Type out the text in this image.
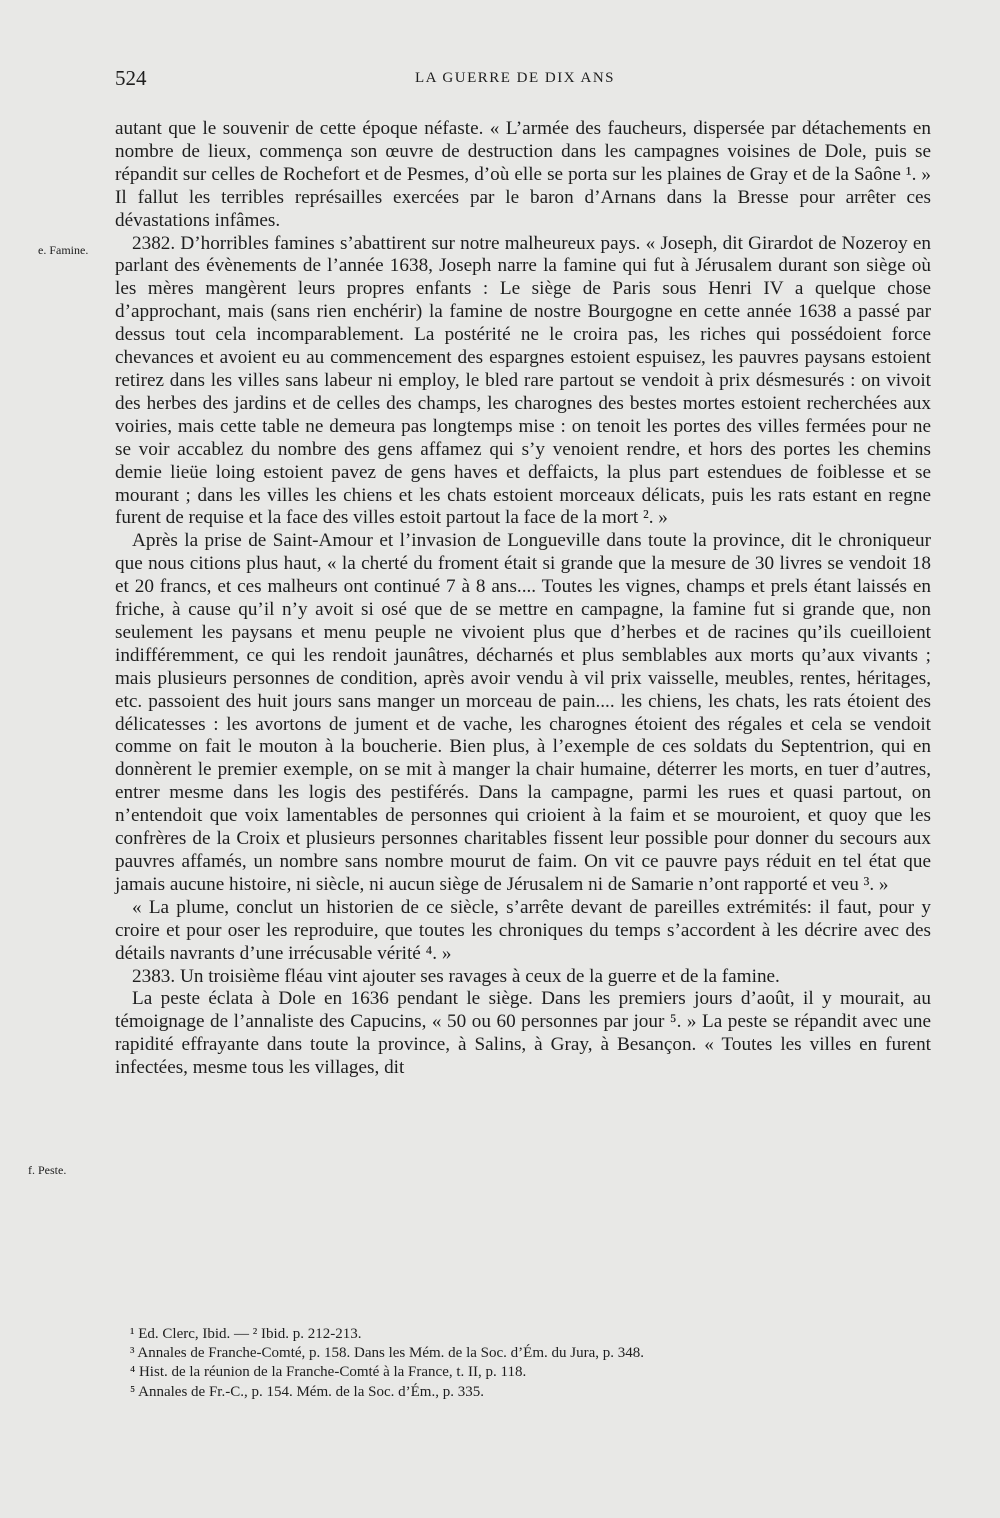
524	LA GUERRE DE DIX ANS
e. Famine.
f. Peste.

autant que le souvenir de cette époque néfaste. « L’armée des faucheurs, dispersée par détachements en nombre de lieux, commença son œuvre de destruction dans les campagnes voisines de Dole, puis se répandit sur celles de Rochefort et de Pesmes, d’où elle se porta sur les plaines de Gray et de la Saône ¹. » Il fallut les terribles représailles exercées par le baron d’Arnans dans la Bresse pour arrêter ces dévastations infâmes.

2382. D’horribles famines s’abattirent sur notre malheureux pays. « Joseph, dit Girardot de Nozeroy en parlant des évènements de l’année 1638, Joseph narre la famine qui fut à Jérusalem durant son siège où les mères mangèrent leurs propres enfants : Le siège de Paris sous Henri IV a quelque chose d’approchant, mais (sans rien enchérir) la famine de nostre Bourgogne en cette année 1638 a passé par dessus tout cela incomparablement. La postérité ne le croira pas, les riches qui possédoient force chevances et avoient eu au commencement des espargnes estoient espuisez, les pauvres paysans estoient retirez dans les villes sans labeur ni employ, le bled rare partout se vendoit à prix désmesurés : on vivoit des herbes des jardins et de celles des champs, les charognes des bestes mortes estoient recherchées aux voiries, mais cette table ne demeura pas longtemps mise : on tenoit les portes des villes fermées pour ne se voir accablez du nombre des gens affamez qui s’y venoient rendre, et hors des portes les chemins demie lieüe loing estoient pavez de gens haves et deffaicts, la plus part estendues de foiblesse et se mourant ; dans les villes les chiens et les chats estoient morceaux délicats, puis les rats estant en regne furent de requise et la face des villes estoit partout la face de la mort ². »

Après la prise de Saint-Amour et l’invasion de Longueville dans toute la province, dit le chroniqueur que nous citions plus haut, « la cherté du froment était si grande que la mesure de 30 livres se vendoit 18 et 20 francs, et ces malheurs ont continué 7 à 8 ans.... Toutes les vignes, champs et prels étant laissés en friche, à cause qu’il n’y avoit si osé que de se mettre en campagne, la famine fut si grande que, non seulement les paysans et menu peuple ne vivoient plus que d’herbes et de racines qu’ils cueilloient indifféremment, ce qui les rendoit jaunâtres, décharnés et plus semblables aux morts qu’aux vivants ; mais plusieurs personnes de condition, après avoir vendu à vil prix vaisselle, meubles, rentes, héritages, etc. passoient des huit jours sans manger un morceau de pain.... les chiens, les chats, les rats étoient des délicatesses : les avortons de jument et de vache, les charognes étoient des régales et cela se vendoit comme on fait le mouton à la boucherie. Bien plus, à l’exemple de ces soldats du Septentrion, qui en donnèrent le premier exemple, on se mit à manger la chair humaine, déterrer les morts, en tuer d’autres, entrer mesme dans les logis des pestiférés. Dans la campagne, parmi les rues et quasi partout, on n’entendoit que voix lamentables de personnes qui crioient à la faim et se mouroient, et quoy que les confrères de la Croix et plusieurs personnes charitables fissent leur possible pour donner du secours aux pauvres affamés, un nombre sans nombre mourut de faim. On vit ce pauvre pays réduit en tel état que jamais aucune histoire, ni siècle, ni aucun siège de Jérusalem ni de Samarie n’ont rapporté et veu ³. »

« La plume, conclut un historien de ce siècle, s’arrête devant de pareilles extrémités: il faut, pour y croire et pour oser les reproduire, que toutes les chroniques du temps s’accordent à les décrire avec des détails navrants d’une irrécusable vérité ⁴. »

2383. Un troisième fléau vint ajouter ses ravages à ceux de la guerre et de la famine.

La peste éclata à Dole en 1636 pendant le siège. Dans les premiers jours d’août, il y mourait, au témoignage de l’annaliste des Capucins, « 50 ou 60 personnes par jour ⁵. » La peste se répandit avec une rapidité effrayante dans toute la province, à Salins, à Gray, à Besançon. « Toutes les villes en furent infectées, mesme tous les villages, dit

¹ Ed. Clerc, Ibid. — ² Ibid. p. 212-213.

³ Annales de Franche-Comté, p. 158. Dans les Mém. de la Soc. d’Ém. du Jura, p. 348.

⁴ Hist. de la réunion de la Franche-Comté à la France, t. II, p. 118.

⁵ Annales de Fr.-C., p. 154. Mém. de la Soc. d’Ém., p. 335.
